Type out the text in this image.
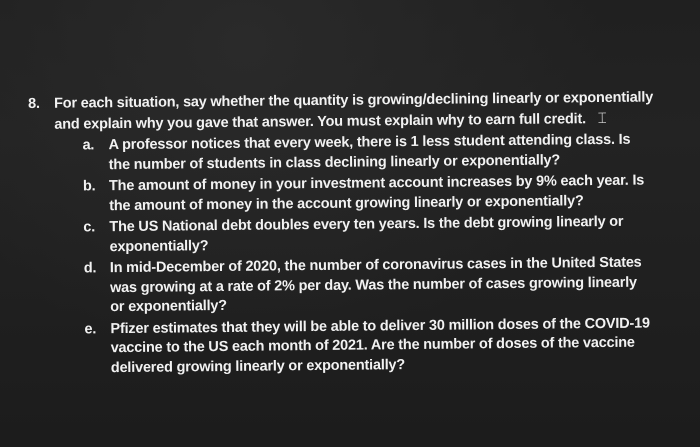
8. For each situation, say whether the quantity is growing/declining linearly or exponentially and explain why you gave that answer. You must explain why to earn full credit. ⌶
a. A professor notices that every week, there is 1 less student attending class. Is the number of students in class declining linearly or exponentially?
b. The amount of money in your investment account increases by 9% each year. Is the amount of money in the account growing linearly or exponentially?
c. The US National debt doubles every ten years. Is the debt growing linearly or exponentially?
d. In mid-December of 2020, the number of coronavirus cases in the United States was growing at a rate of 2% per day. Was the number of cases growing linearly or exponentially?
e. Pfizer estimates that they will be able to deliver 30 million doses of the COVID-19 vaccine to the US each month of 2021. Are the number of doses of the vaccine delivered growing linearly or exponentially?
